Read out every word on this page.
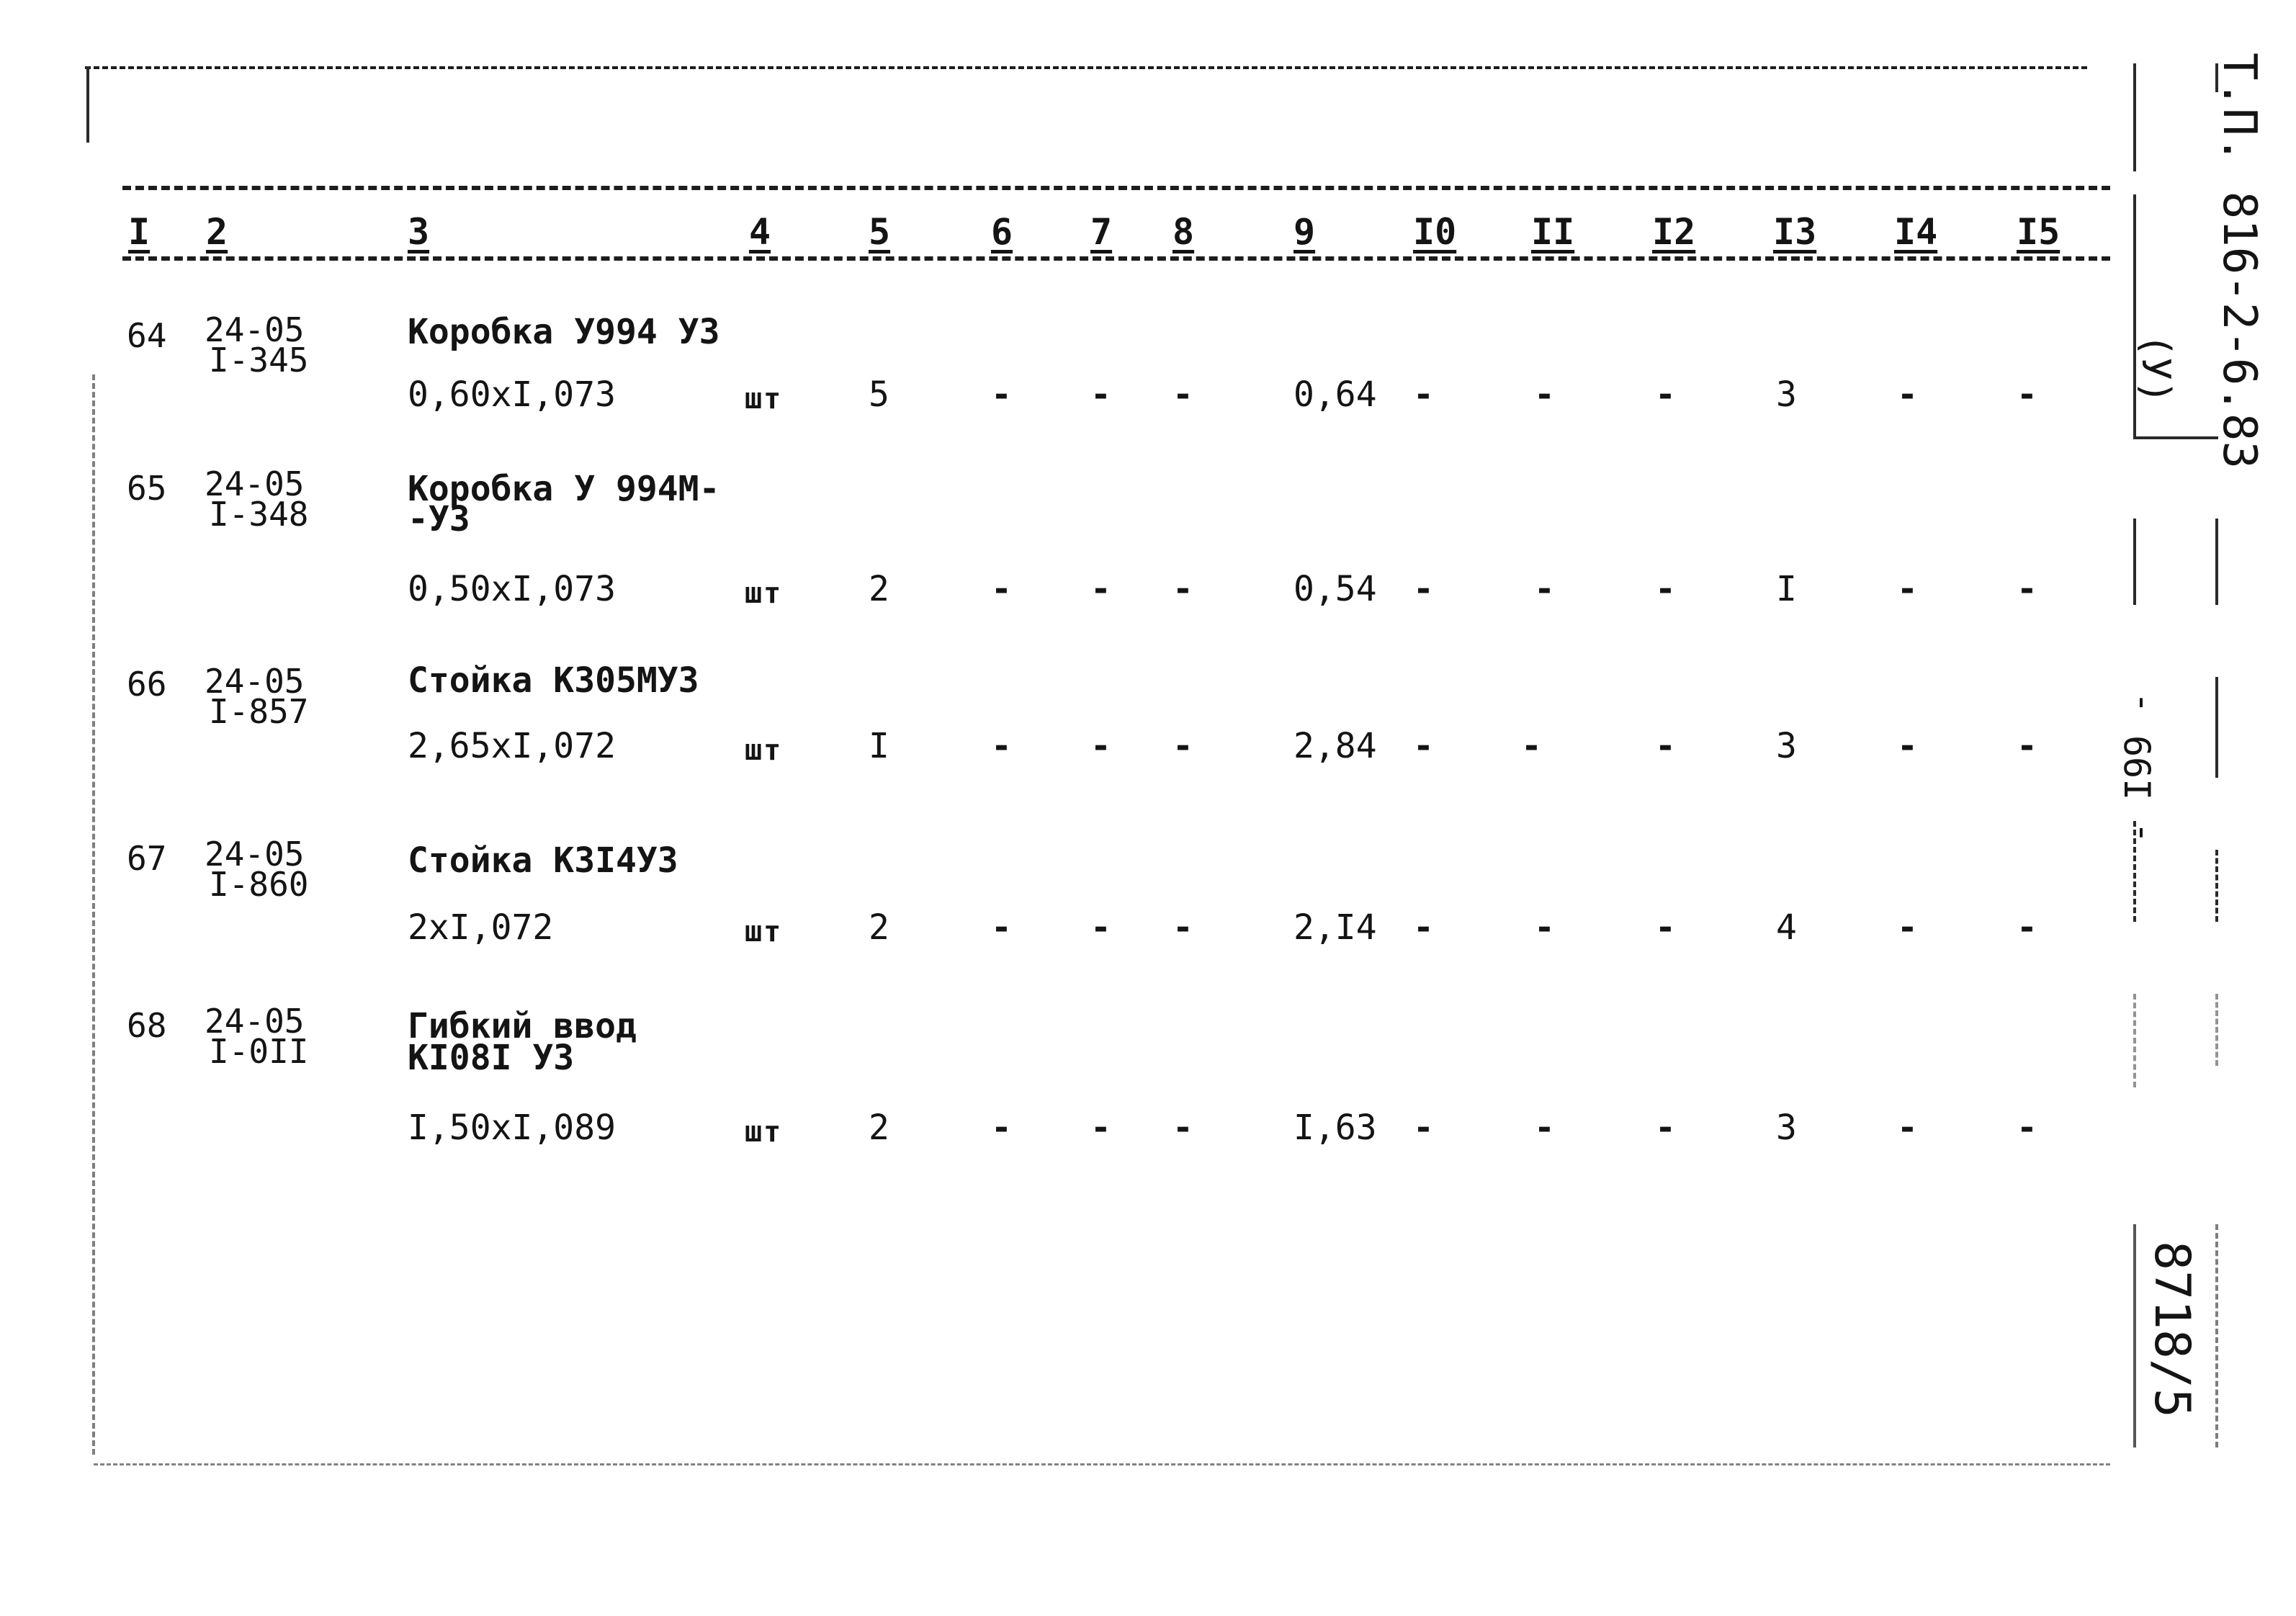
I 2	3	4	5	6 7 8	9	I0 II I2 I3 I4 I5
64 24-05
I-345
Коробка У994 УЗ
0,60xI,073	шт 5	- - -	0,64 -	-	-	3	-	-
65 24-05
I-348
Коробка У 994М-
-УЗ
0,50xI,073	шт 2	- - -	0,54 -	-	-	I	-	-
66 24-05
I-857
Стойка К305МУЗ
2,65xI,072	шт I	- - -	2,84 -	-	-	3	-	-
67 24-05
I-860
Стойка К3I4УЗ
2xI,072	шт 2	- - -	2,I4 -	-	-	4	-	-
68 24-05
I-0II
Гибкий ввод
КI08I УЗ
I,50xI,089	шт 2	- - -	I,63 -	-	-	3	-	-
Т.П. 816-2-6.83
(У)
- I99 -
8718/5
